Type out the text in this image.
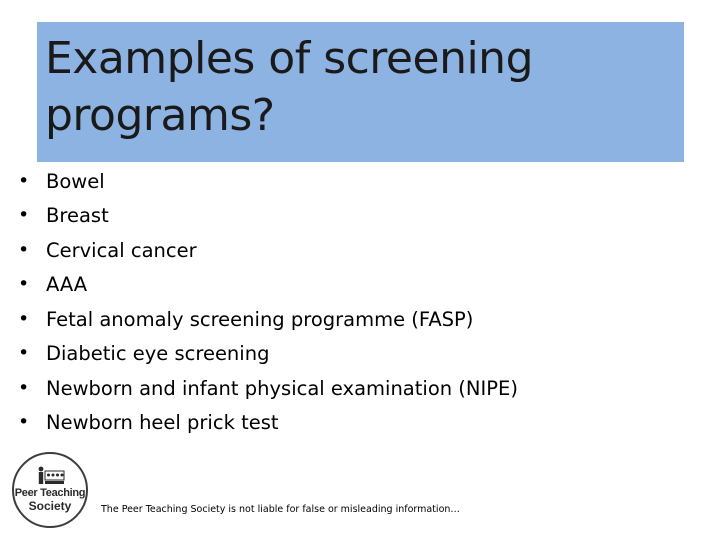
Examples of screening programs?
• Bowel
• Breast
• Cervical cancer
• AAA
• Fetal anomaly screening programme (FASP)
• Diabetic eye screening
• Newborn and infant physical examination (NIPE)
• Newborn heel prick test
Peer Teaching
Society	The Peer Teaching Society is not liable for false or misleading information…
